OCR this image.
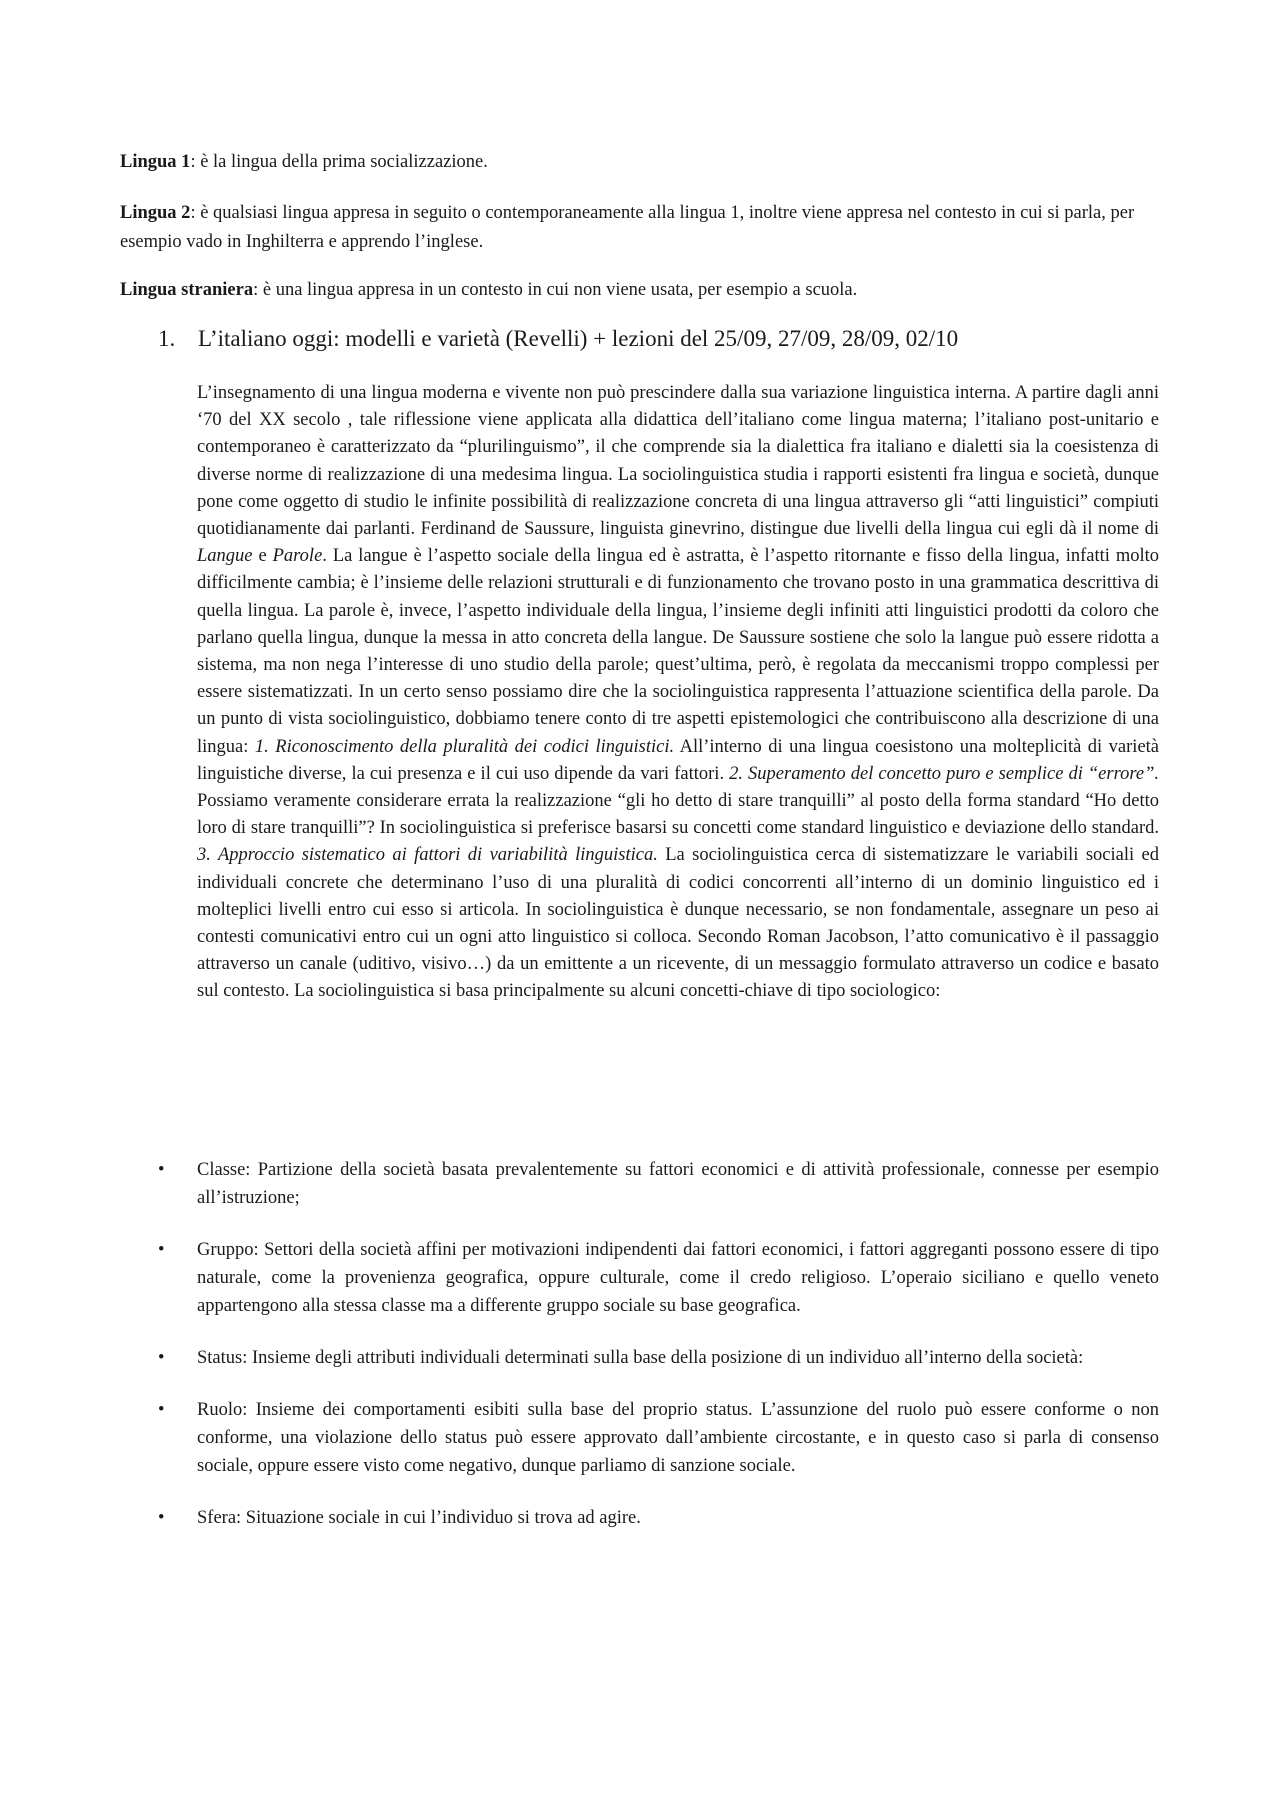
Lingua 1: è la lingua della prima socializzazione.

Lingua 2: è qualsiasi lingua appresa in seguito o contemporaneamente alla lingua 1, inoltre viene appresa nel contesto in cui si parla, per esempio vado in Inghilterra e apprendo l’inglese.

Lingua straniera: è una lingua appresa in un contesto in cui non viene usata, per esempio a scuola.

1. L’italiano oggi: modelli e varietà (Revelli) + lezioni del 25/09, 27/09, 28/09, 02/10

L’insegnamento di una lingua moderna e vivente non può prescindere dalla sua variazione linguistica interna. A partire dagli anni ‘70 del XX secolo , tale riflessione viene applicata alla didattica dell’italiano come lingua materna; l’italiano post-unitario e contemporaneo è caratterizzato da “plurilinguismo”, il che comprende sia la dialettica fra italiano e dialetti sia la coesistenza di diverse norme di realizzazione di una medesima lingua. La sociolinguistica studia i rapporti esistenti fra lingua e società, dunque pone come oggetto di studio le infinite possibilità di realizzazione concreta di una lingua attraverso gli “atti linguistici” compiuti quotidianamente dai parlanti. Ferdinand de Saussure, linguista ginevrino, distingue due livelli della lingua cui egli dà il nome di Langue e Parole. La langue è l’aspetto sociale della lingua ed è astratta, è l’aspetto ritornante e fisso della lingua, infatti molto difficilmente cambia; è l’insieme delle relazioni strutturali e di funzionamento che trovano posto in una grammatica descrittiva di quella lingua. La parole è, invece, l’aspetto individuale della lingua, l’insieme degli infiniti atti linguistici prodotti da coloro che parlano quella lingua, dunque la messa in atto concreta della langue. De Saussure sostiene che solo la langue può essere ridotta a sistema, ma non nega l’interesse di uno studio della parole; quest’ultima, però, è regolata da meccanismi troppo complessi per essere sistematizzati. In un certo senso possiamo dire che la sociolinguistica rappresenta l’attuazione scientifica della parole. Da un punto di vista sociolinguistico, dobbiamo tenere conto di tre aspetti epistemologici che contribuiscono alla descrizione di una lingua: 1. Riconoscimento della pluralità dei codici linguistici. All’interno di una lingua coesistono una molteplicità di varietà linguistiche diverse, la cui presenza e il cui uso dipende da vari fattori. 2. Superamento del concetto puro e semplice di “errore”. Possiamo veramente considerare errata la realizzazione “gli ho detto di stare tranquilli” al posto della forma standard “Ho detto loro di stare tranquilli”? In sociolinguistica si preferisce basarsi su concetti come standard linguistico e deviazione dello standard. 3. Approccio sistematico ai fattori di variabilità linguistica. La sociolinguistica cerca di sistematizzare le variabili sociali ed individuali concrete che determinano l’uso di una pluralità di codici concorrenti all’interno di un dominio linguistico ed i molteplici livelli entro cui esso si articola. In sociolinguistica è dunque necessario, se non fondamentale, assegnare un peso ai contesti comunicativi entro cui un ogni atto linguistico si colloca. Secondo Roman Jacobson, l’atto comunicativo è il passaggio attraverso un canale (uditivo, visivo…) da un emittente a un ricevente, di un messaggio formulato attraverso un codice e basato sul contesto. La sociolinguistica si basa principalmente su alcuni concetti-chiave di tipo sociologico:

• Classe: Partizione della società basata prevalentemente su fattori economici e di attività professionale, connesse per esempio all’istruzione;
• Gruppo: Settori della società affini per motivazioni indipendenti dai fattori economici, i fattori aggreganti possono essere di tipo naturale, come la provenienza geografica, oppure culturale, come il credo religioso. L’operaio siciliano e quello veneto appartengono alla stessa classe ma a differente gruppo sociale su base geografica.
• Status: Insieme degli attributi individuali determinati sulla base della posizione di un individuo all’interno della società:
• Ruolo: Insieme dei comportamenti esibiti sulla base del proprio status. L’assunzione del ruolo può essere conforme o non conforme, una violazione dello status può essere approvato dall’ambiente circostante, e in questo caso si parla di consenso sociale, oppure essere visto come negativo, dunque parliamo di sanzione sociale.
• Sfera: Situazione sociale in cui l’individuo si trova ad agire.
